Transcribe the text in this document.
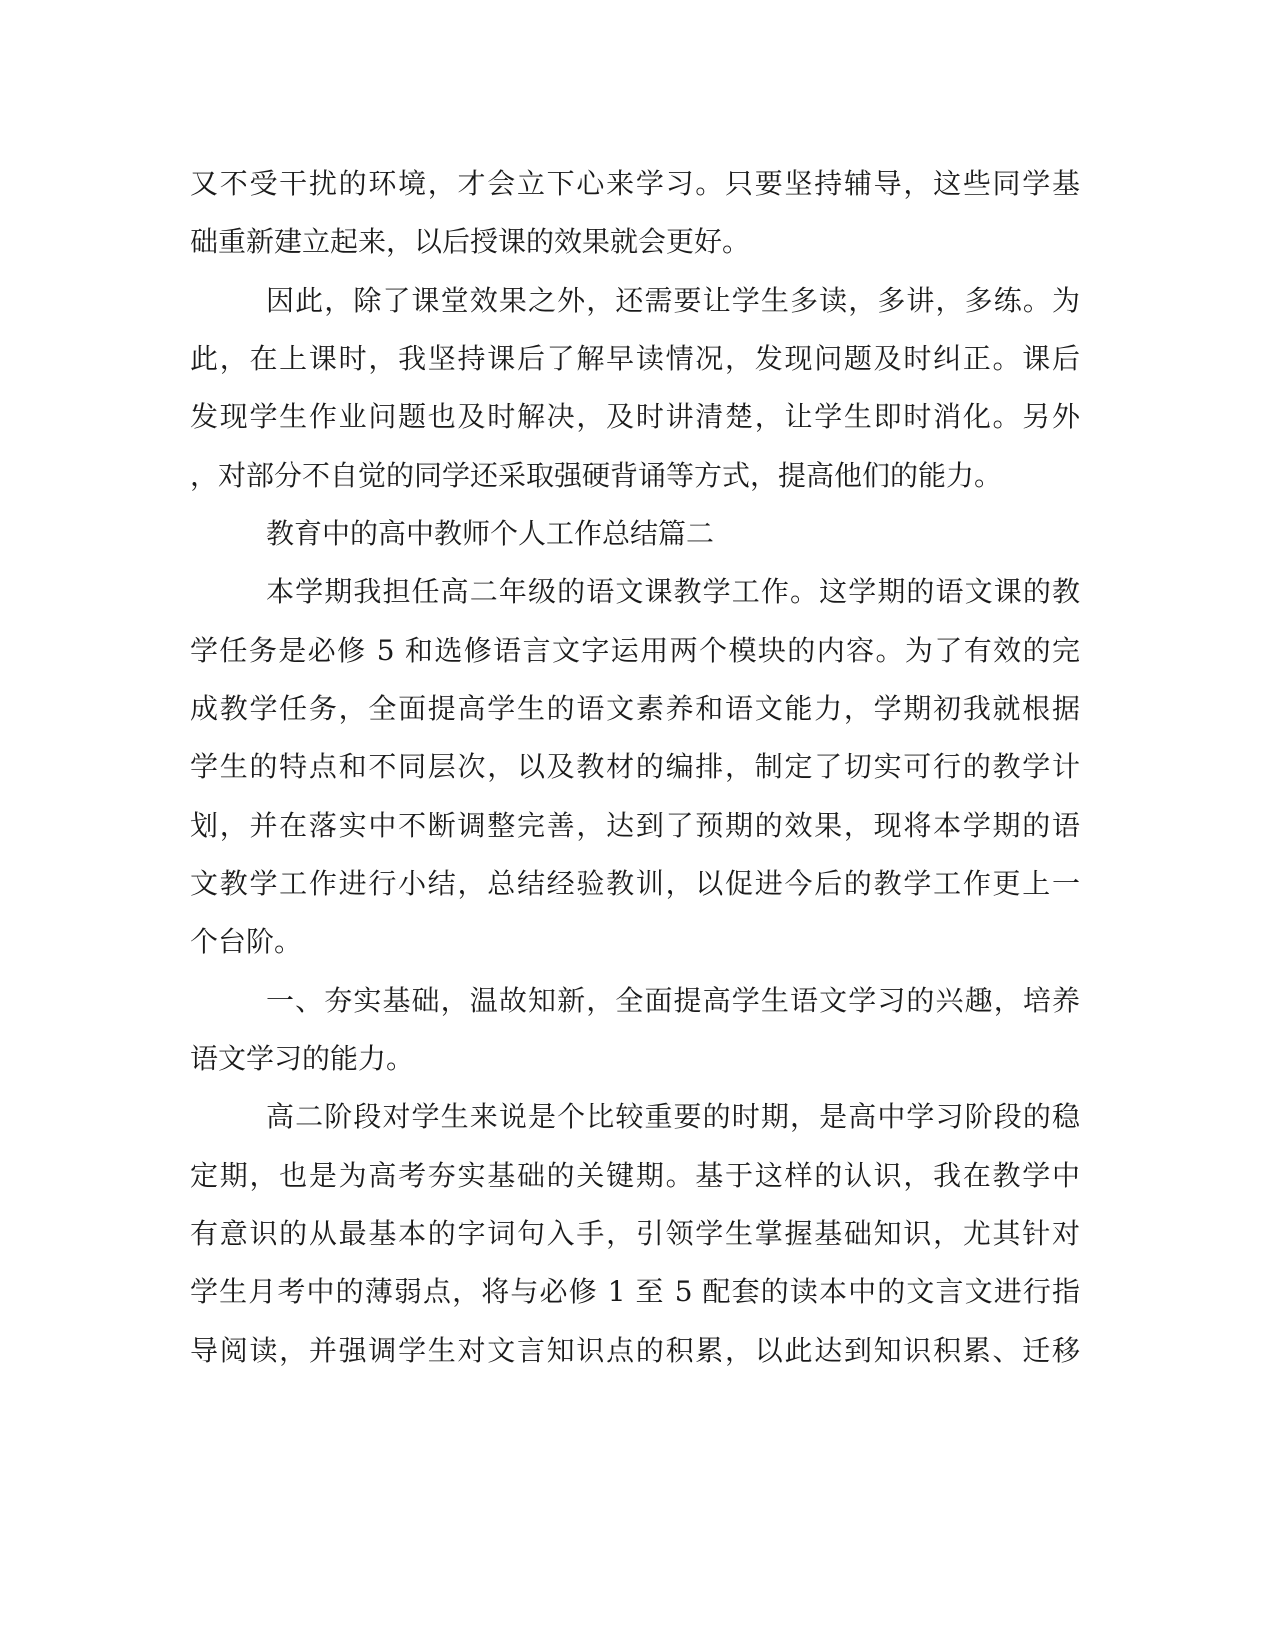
又不受干扰的环境，才会立下心来学习。只要坚持辅导，这些同学基
础重新建立起来，以后授课的效果就会更好。
因此，除了课堂效果之外，还需要让学生多读，多讲，多练。为
此，在上课时，我坚持课后了解早读情况，发现问题及时纠正。课后
发现学生作业问题也及时解决，及时讲清楚，让学生即时消化。另外
，对部分不自觉的同学还采取强硬背诵等方式，提高他们的能力。
教育中的高中教师个人工作总结篇二
本学期我担任高二年级的语文课教学工作。这学期的语文课的教
学任务是必修 5 和选修语言文字运用两个模块的内容。为了有效的完
成教学任务，全面提高学生的语文素养和语文能力，学期初我就根据
学生的特点和不同层次，以及教材的编排，制定了切实可行的教学计
划，并在落实中不断调整完善，达到了预期的效果，现将本学期的语
文教学工作进行小结，总结经验教训，以促进今后的教学工作更上一
个台阶。
一、夯实基础，温故知新，全面提高学生语文学习的兴趣，培养
语文学习的能力。
高二阶段对学生来说是个比较重要的时期，是高中学习阶段的稳
定期，也是为高考夯实基础的关键期。基于这样的认识，我在教学中
有意识的从最基本的字词句入手，引领学生掌握基础知识，尤其针对
学生月考中的薄弱点，将与必修 1 至 5 配套的读本中的文言文进行指
导阅读，并强调学生对文言知识点的积累，以此达到知识积累、迁移
